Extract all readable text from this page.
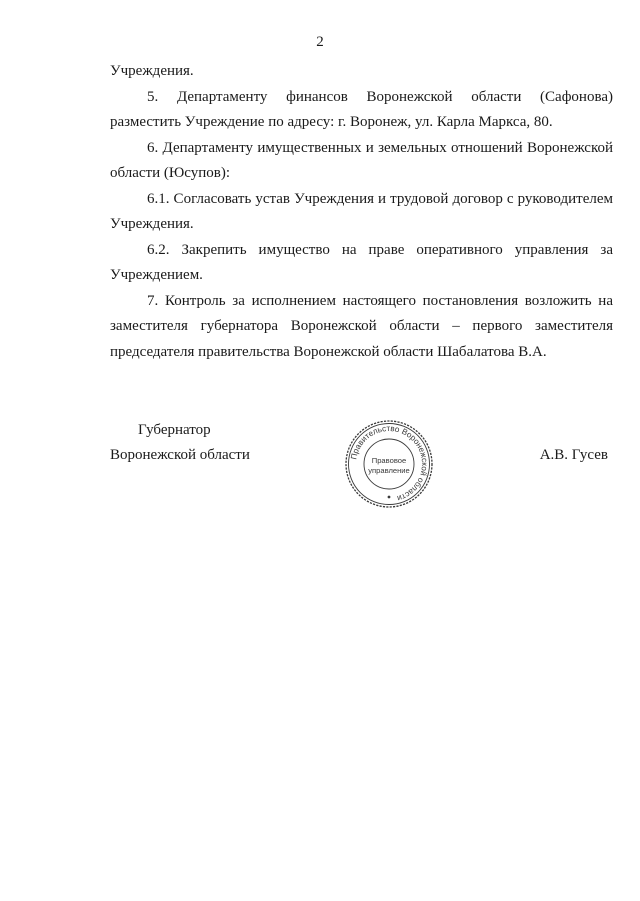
2

Учреждения.

5. Департаменту финансов Воронежской области (Сафонова) разместить Учреждение по адресу: г. Воронеж, ул. Карла Маркса, 80.

6. Департаменту имущественных и земельных отношений Воронежской области (Юсупов):

6.1. Согласовать устав Учреждения и трудовой договор с руководителем Учреждения.

6.2. Закрепить имущество на праве оперативного управления за Учреждением.

7. Контроль за исполнением настоящего постановления возложить на заместителя губернатора Воронежской области – первого заместителя председателя правительства Воронежской области Шабалатова В.А.

Губернатор
Воронежской области	Правительство Воронежской области
Правовое
управление
А.В. Гусев
